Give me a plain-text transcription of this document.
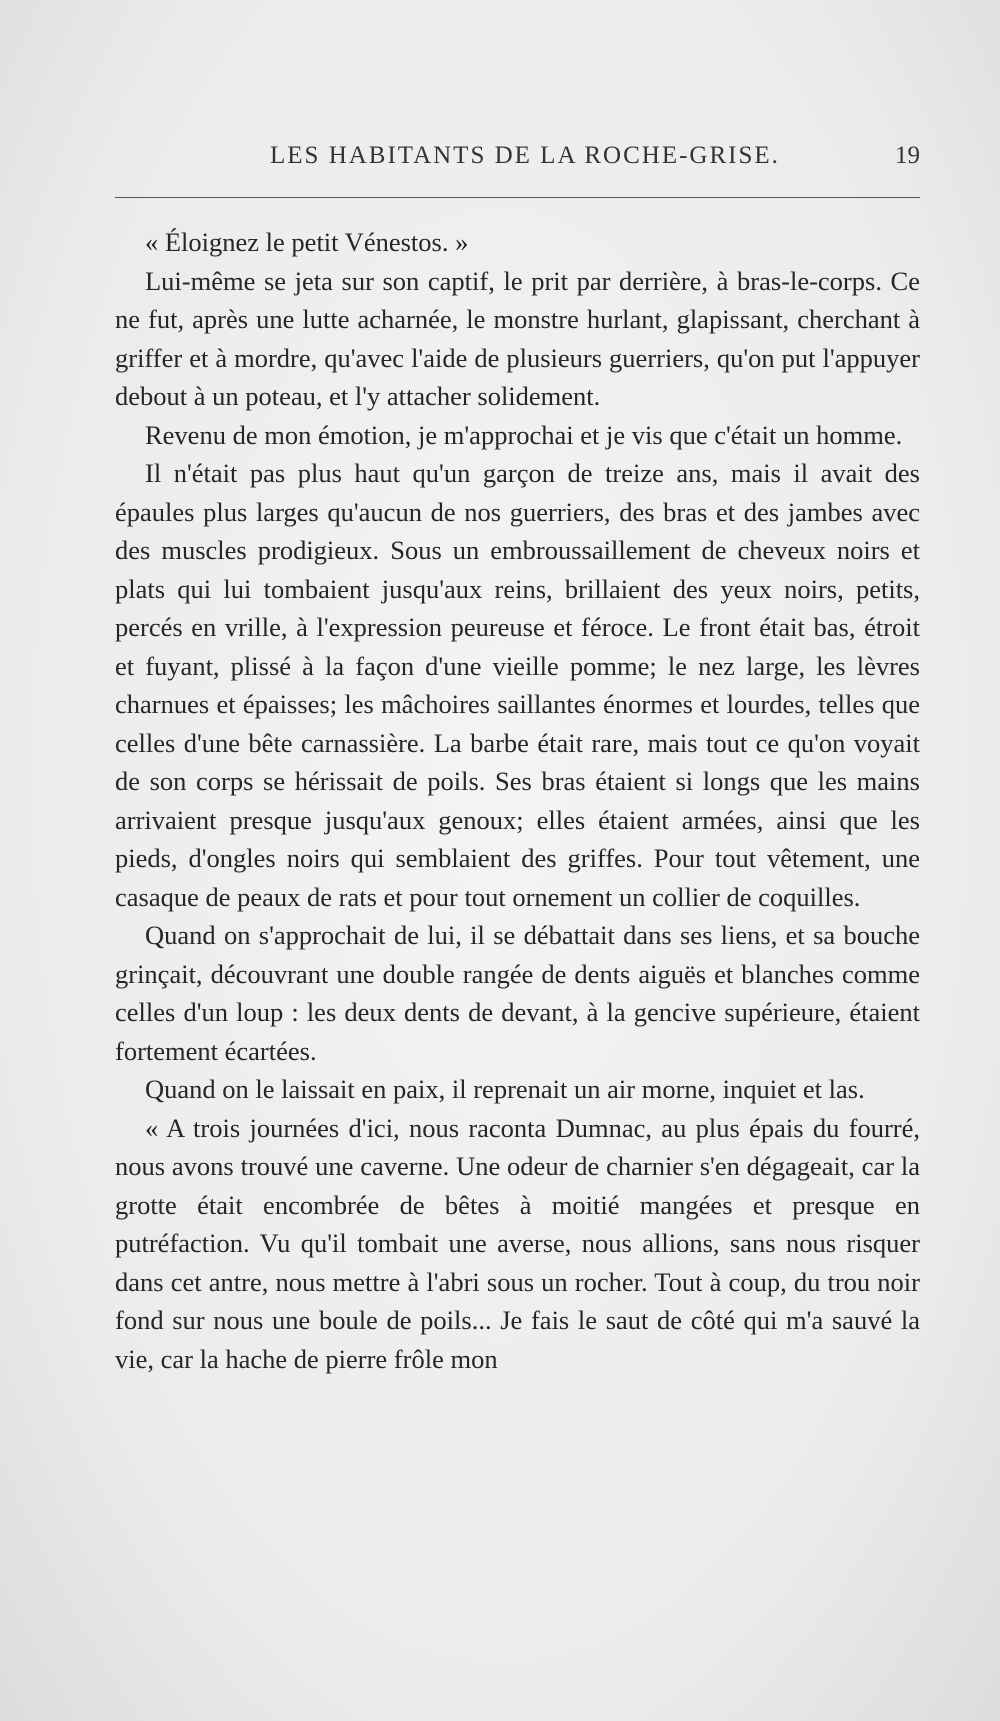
LES HABITANTS DE LA ROCHE-GRISE.	19

« Éloignez le petit Vénestos. »

Lui-même se jeta sur son captif, le prit par derrière, à bras-le-corps. Ce ne fut, après une lutte acharnée, le monstre hurlant, glapissant, cherchant à griffer et à mordre, qu'avec l'aide de plusieurs guerriers, qu'on put l'appuyer debout à un poteau, et l'y attacher solidement.

Revenu de mon émotion, je m'approchai et je vis que c'était un homme.

Il n'était pas plus haut qu'un garçon de treize ans, mais il avait des épaules plus larges qu'aucun de nos guerriers, des bras et des jambes avec des muscles prodigieux. Sous un embroussaillement de cheveux noirs et plats qui lui tombaient jusqu'aux reins, brillaient des yeux noirs, petits, percés en vrille, à l'expression peureuse et féroce. Le front était bas, étroit et fuyant, plissé à la façon d'une vieille pomme; le nez large, les lèvres charnues et épaisses; les mâchoires saillantes énormes et lourdes, telles que celles d'une bête carnassière. La barbe était rare, mais tout ce qu'on voyait de son corps se hérissait de poils. Ses bras étaient si longs que les mains arrivaient presque jusqu'aux genoux; elles étaient armées, ainsi que les pieds, d'ongles noirs qui semblaient des griffes. Pour tout vêtement, une casaque de peaux de rats et pour tout ornement un collier de coquilles.

Quand on s'approchait de lui, il se débattait dans ses liens, et sa bouche grinçait, découvrant une double rangée de dents aiguës et blanches comme celles d'un loup : les deux dents de devant, à la gencive supérieure, étaient fortement écartées.

Quand on le laissait en paix, il reprenait un air morne, inquiet et las.

« A trois journées d'ici, nous raconta Dumnac, au plus épais du fourré, nous avons trouvé une caverne. Une odeur de charnier s'en dégageait, car la grotte était encombrée de bêtes à moitié mangées et presque en putréfaction. Vu qu'il tombait une averse, nous allions, sans nous risquer dans cet antre, nous mettre à l'abri sous un rocher. Tout à coup, du trou noir fond sur nous une boule de poils... Je fais le saut de côté qui m'a sauvé la vie, car la hache de pierre frôle mon
